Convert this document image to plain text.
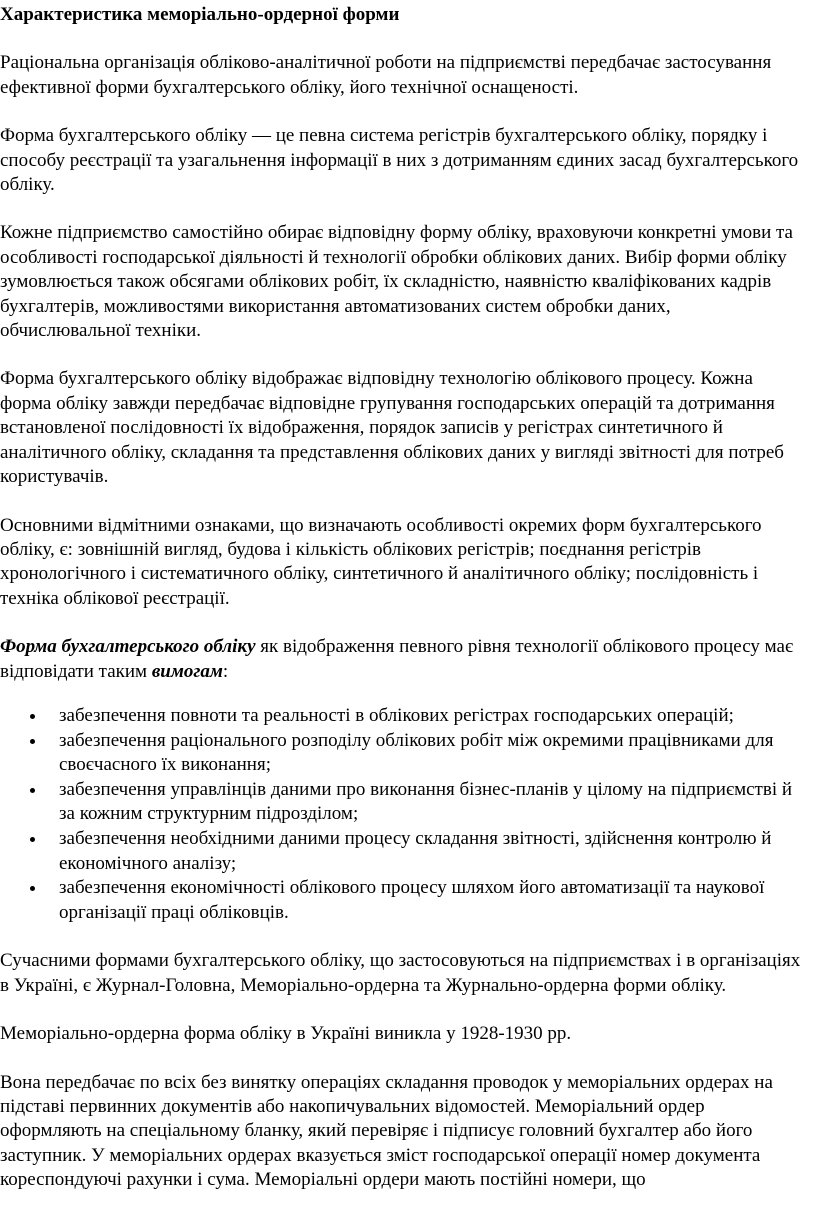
Характеристика меморіально-ордерної форми

Раціональна організація обліково-аналітичної роботи на підприємстві передбачає застосування ефективної форми бухгалтерського обліку, його технічної оснащеності.

Форма бухгалтерського обліку — це певна система регістрів бухгалтерського обліку, порядку і способу реєстрації та узагальнення інформації в них з дотриманням єдиних засад бухгалтерського обліку.

Кожне підприємство самостійно обирає відповідну форму обліку, враховуючи конкретні умови та особливості господарської діяльності й технології обробки облікових даних. Вибір форми обліку зумовлюється також обсягами облікових робіт, їх складністю, наявністю кваліфікованих кадрів бухгалтерів, можливостями використання автоматизованих систем обробки даних, обчислювальної техніки.

Форма бухгалтерського обліку відображає відповідну технологію облікового процесу. Кожна форма обліку завжди передбачає відповідне групування господарських операцій та дотримання встановленої послідовності їх відображення, порядок записів у регістрах синтетичного й аналітичного обліку, складання та представлення облікових даних у вигляді звітності для потреб користувачів.

Основними відмітними ознаками, що визначають особливості окремих форм бухгалтерського обліку, є: зовнішній вигляд, будова і кількість облікових регістрів; поєднання регістрів хронологічного і систематичного обліку, синтетичного й аналітичного обліку; послідовність і техніка облікової реєстрації.

Форма бухгалтерського обліку як відображення певного рівня технології облікового процесу має відповідати таким вимогам:

забезпечення повноти та реальності в облікових регістрах господарських операцій;
забезпечення раціонального розподілу облікових робіт між окремими працівниками для своєчасного їх виконання;
забезпечення управлінців даними про виконання бізнес-планів у цілому на підприємстві й за кожним структурним підрозділом;
забезпечення необхідними даними процесу складання звітності, здійснення контролю й економічного аналізу;
забезпечення економічності облікового процесу шляхом його автоматизації та наукової організації праці обліковців.

Сучасними формами бухгалтерського обліку, що застосовуються на підприємствах і в організаціях в Україні, є Журнал-Головна, Меморіально-ордерна та Журнально-ордерна форми обліку.

Меморіально-ордерна форма обліку в Україні виникла у 1928-1930 рр.

Вона передбачає по всіх без винятку операціях складання проводок у меморіальних ордерах на підставі первинних документів або накопичувальних відомостей. Меморіальний ордер оформляють на спеціальному бланку, який перевіряє і підписує головний бухгалтер або його заступник. У меморіальних ордерах вказується зміст господарської операції номер документа кореспондуючі рахунки і сума. Меморіальні ордери мають постійні номери, що
